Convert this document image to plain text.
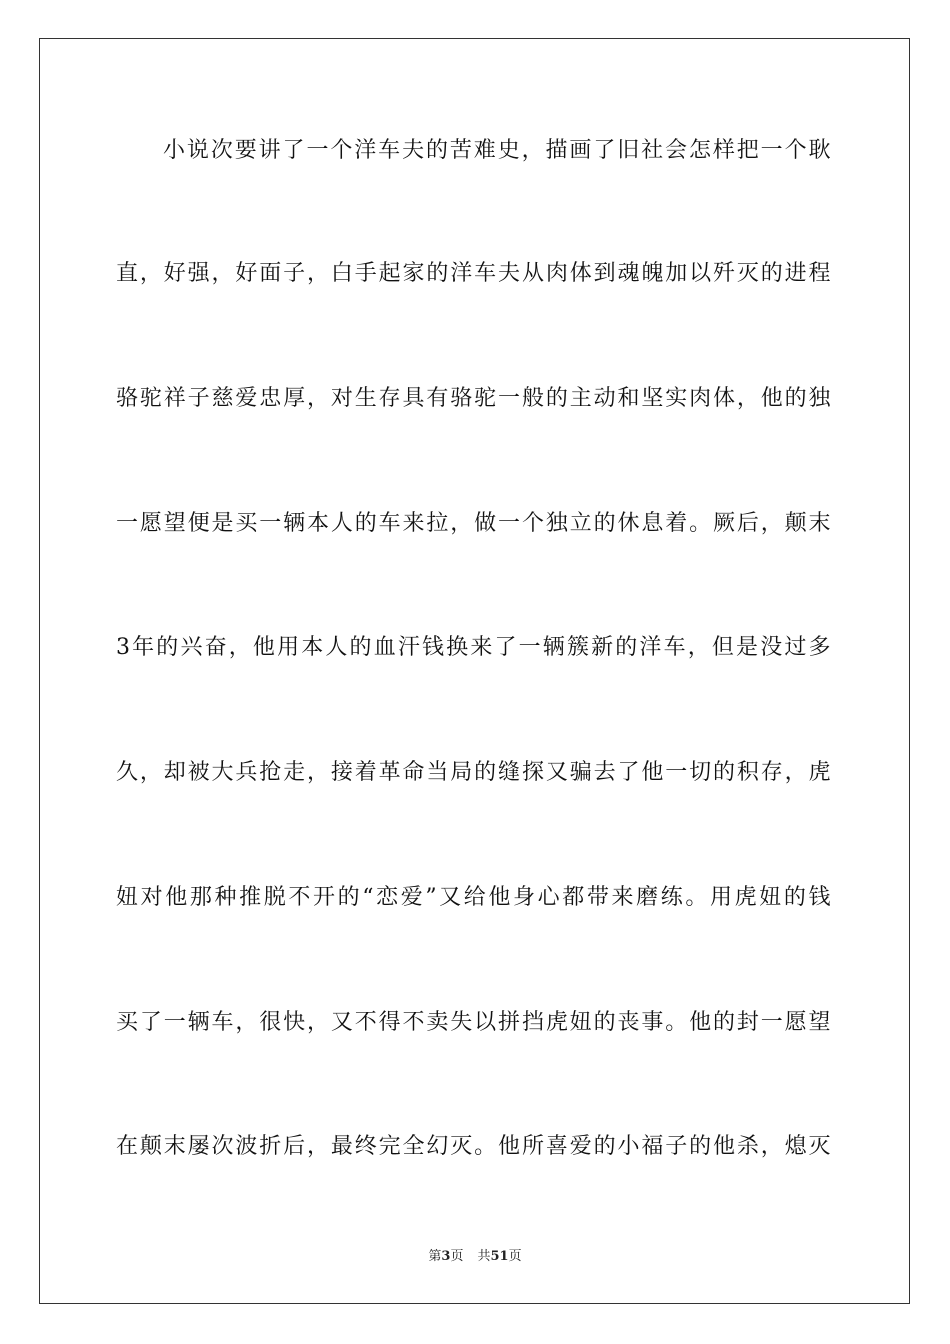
小说次要讲了一个洋车夫的苦难史，描画了旧社会怎样把一个耿
直，好强，好面子，白手起家的洋车夫从肉体到魂魄加以歼灭的进程
骆驼祥子慈爱忠厚，对生存具有骆驼一般的主动和坚实肉体，他的独
一愿望便是买一辆本人的车来拉，做一个独立的休息着。厥后，颠末
3年的兴奋，他用本人的血汗钱换来了一辆簇新的洋车，但是没过多
久，却被大兵抢走，接着革命当局的缝探又骗去了他一切的积存，虎
妞对他那种推脱不开的“恋爱”又给他身心都带来磨练。用虎妞的钱
买了一辆车，很快，又不得不卖失以拼挡虎妞的丧事。他的封一愿望
在颠末屡次波折后，最终完全幻灭。他所喜爱的小福子的他杀，熄灭
第3页 共51页
